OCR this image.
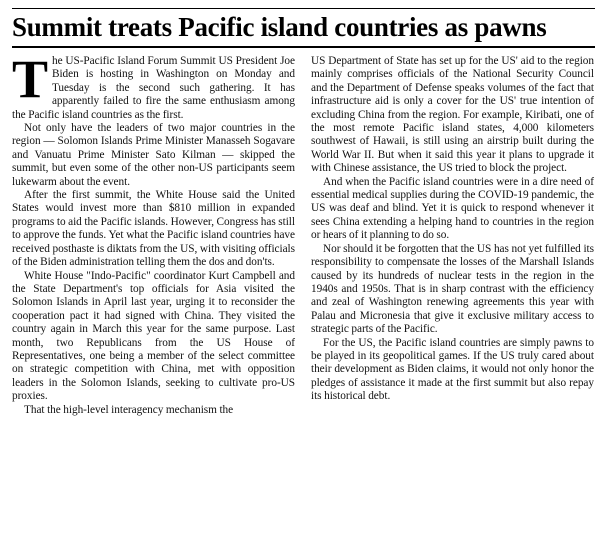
Summit treats Pacific island countries as pawns

The US-Pacific Island Forum Summit US President Joe Biden is hosting in Washington on Monday and Tuesday is the second such gathering. It has apparently failed to fire the same enthusiasm among the Pacific island countries as the first.

Not only have the leaders of two major countries in the region — Solomon Islands Prime Minister Manasseh Sogavare and Vanuatu Prime Minister Sato Kilman — skipped the summit, but even some of the other non-US participants seem lukewarm about the event.

After the first summit, the White House said the United States would invest more than $810 million in expanded programs to aid the Pacific islands. However, Congress has still to approve the funds. Yet what the Pacific island countries have received posthaste is diktats from the US, with visiting officials of the Biden administration telling them the dos and don'ts.

White House "Indo-Pacific" coordinator Kurt Campbell and the State Department's top officials for Asia visited the Solomon Islands in April last year, urging it to reconsider the cooperation pact it had signed with China. They visited the country again in March this year for the same purpose. Last month, two Republicans from the US House of Representatives, one being a member of the select committee on strategic competition with China, met with opposition leaders in the Solomon Islands, seeking to cultivate pro-US proxies.

That the high-level interagency mechanism the

US Department of State has set up for the US' aid to the region mainly comprises officials of the National Security Council and the Department of Defense speaks volumes of the fact that infrastructure aid is only a cover for the US' true intention of excluding China from the region. For example, Kiribati, one of the most remote Pacific island states, 4,000 kilometers southwest of Hawaii, is still using an airstrip built during the World War II. But when it said this year it plans to upgrade it with Chinese assistance, the US tried to block the project.

And when the Pacific island countries were in a dire need of essential medical supplies during the COVID-19 pandemic, the US was deaf and blind. Yet it is quick to respond whenever it sees China extending a helping hand to countries in the region or hears of it planning to do so.

Nor should it be forgotten that the US has not yet fulfilled its responsibility to compensate the losses of the Marshall Islands caused by its hundreds of nuclear tests in the region in the 1940s and 1950s. That is in sharp contrast with the efficiency and zeal of Washington renewing agreements this year with Palau and Micronesia that give it exclusive military access to strategic parts of the Pacific.

For the US, the Pacific island countries are simply pawns to be played in its geopolitical games. If the US truly cared about their development as Biden claims, it would not only honor the pledges of assistance it made at the first summit but also repay its historical debt.
